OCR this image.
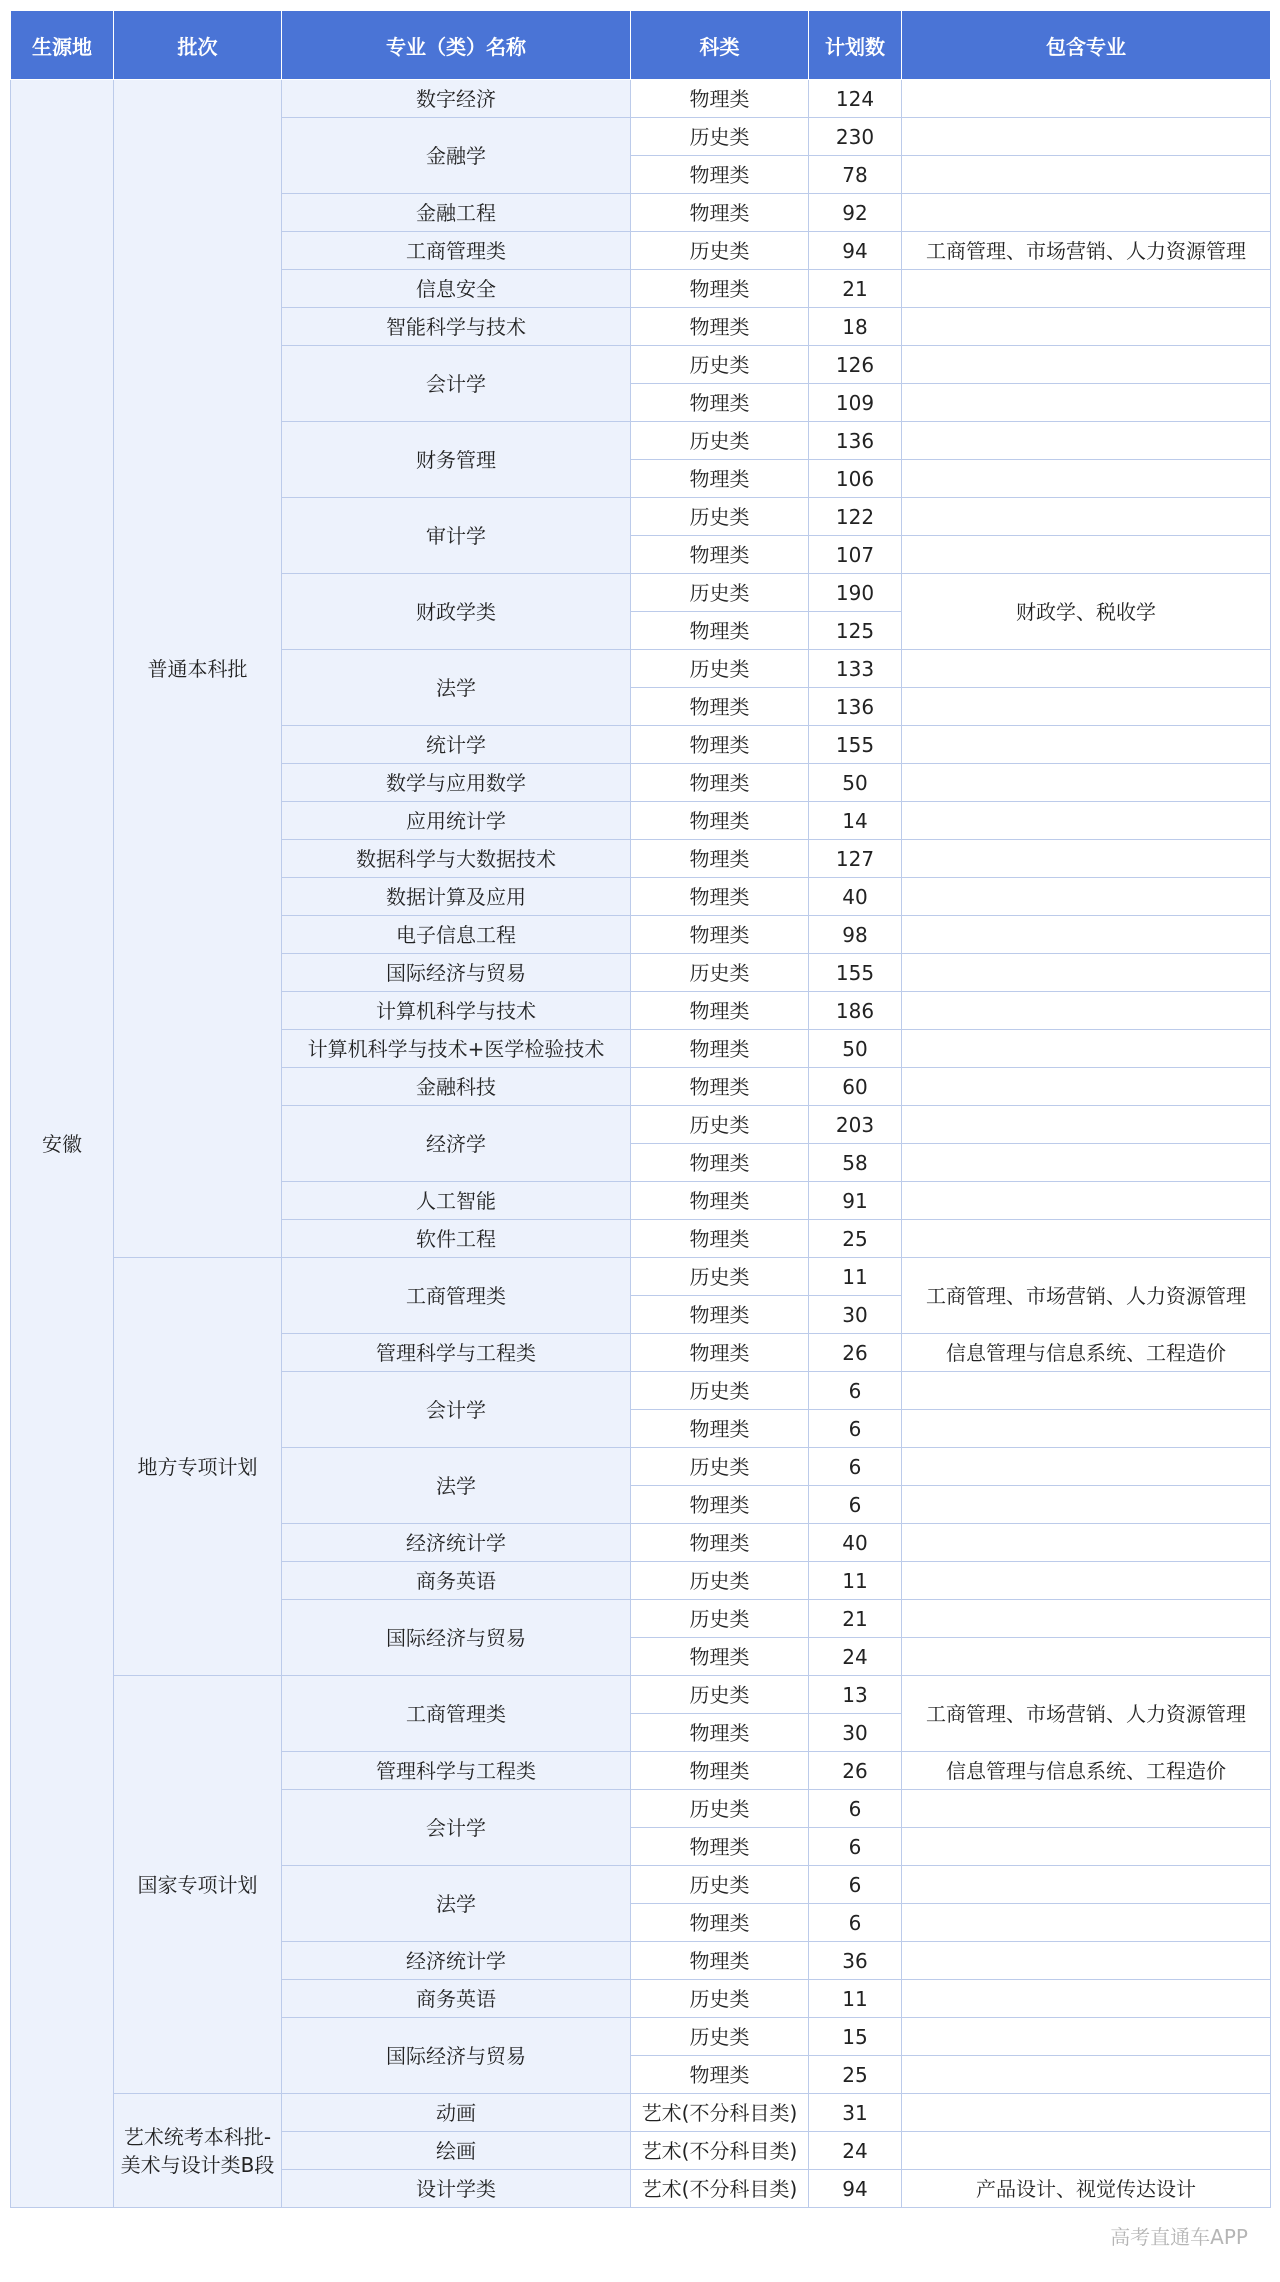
生源地	批次	专业（类）名称	科类	计划数	包含专业
安徽	普通本科批	数字经济	物理类	124	
		金融学	历史类	230	
			物理类	78	
		金融工程	物理类	92	
		工商管理类	历史类	94	工商管理、市场营销、人力资源管理
		信息安全	物理类	21	
		智能科学与技术	物理类	18	
		会计学	历史类	126	
			物理类	109	
		财务管理	历史类	136	
			物理类	106	
		审计学	历史类	122	
			物理类	107	
		财政学类	历史类	190	财政学、税收学
			物理类	125	
		法学	历史类	133	
			物理类	136	
		统计学	物理类	155	
		数学与应用数学	物理类	50	
		应用统计学	物理类	14	
		数据科学与大数据技术	物理类	127	
		数据计算及应用	物理类	40	
		电子信息工程	物理类	98	
		国际经济与贸易	历史类	155	
		计算机科学与技术	物理类	186	
		计算机科学与技术+医学检验技术	物理类	50	
		金融科技	物理类	60	
		经济学	历史类	203	
			物理类	58	
		人工智能	物理类	91	
		软件工程	物理类	25	
	地方专项计划	工商管理类	历史类	11	工商管理、市场营销、人力资源管理
			物理类	30	
		管理科学与工程类	物理类	26	信息管理与信息系统、工程造价
		会计学	历史类	6	
			物理类	6	
		法学	历史类	6	
			物理类	6	
		经济统计学	物理类	40	
		商务英语	历史类	11	
		国际经济与贸易	历史类	21	
			物理类	24	
	国家专项计划	工商管理类	历史类	13	工商管理、市场营销、人力资源管理
			物理类	30	
		管理科学与工程类	物理类	26	信息管理与信息系统、工程造价
		会计学	历史类	6	
			物理类	6	
		法学	历史类	6	
			物理类	6	
		经济统计学	物理类	36	
		商务英语	历史类	11	
		国际经济与贸易	历史类	15	
			物理类	25	
	艺术统考本科批-美术与设计类B段	动画	艺术(不分科目类)	31	
		绘画	艺术(不分科目类)	24	
		设计学类	艺术(不分科目类)	94	产品设计、视觉传达设计
高考直通车APP
